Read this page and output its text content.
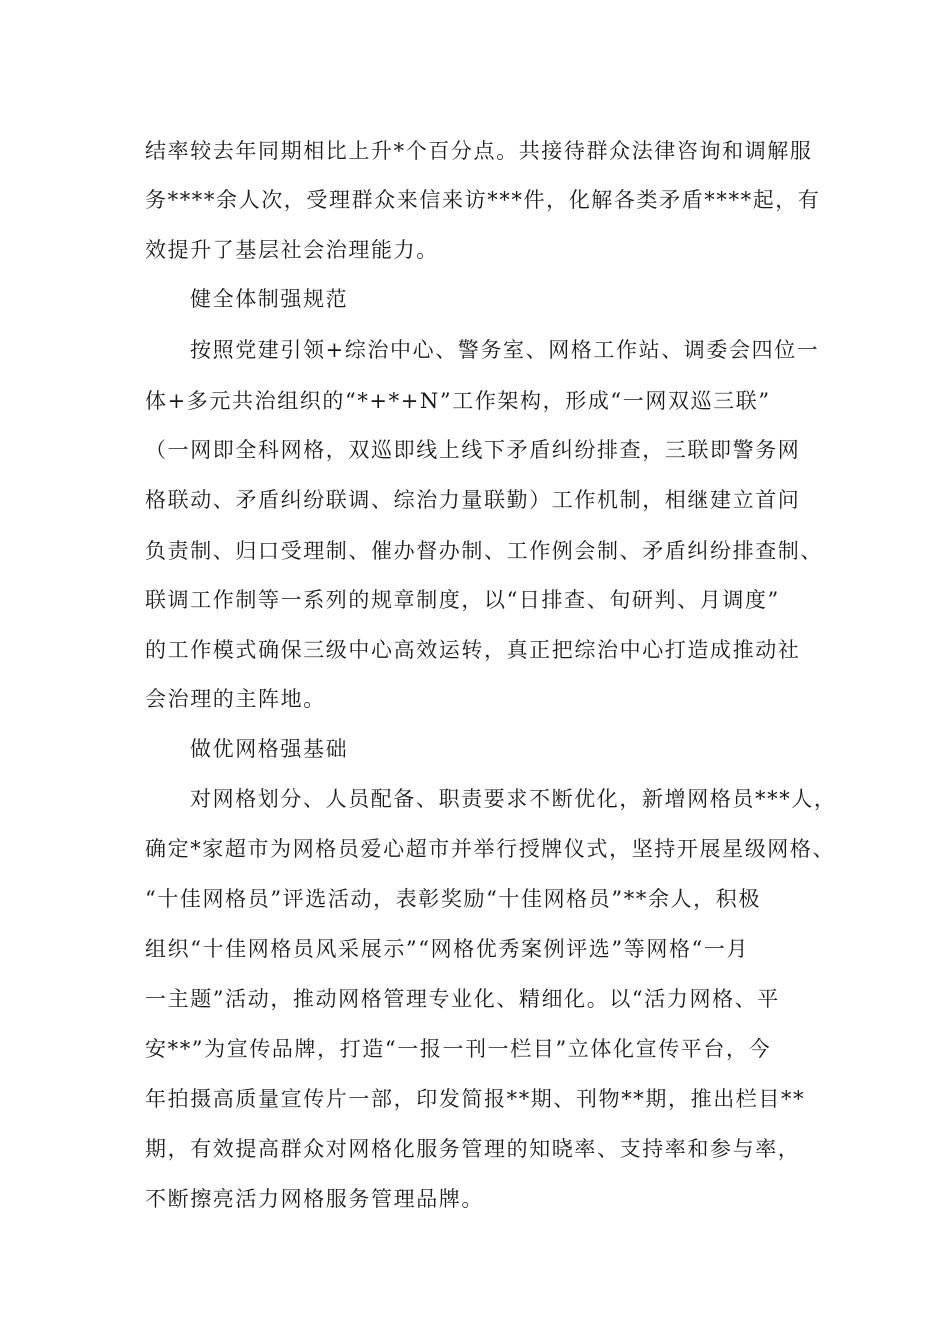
结率较去年同期相比上升*个百分点。共接待群众法律咨询和调解服
务****余人次，受理群众来信来访***件，化解各类矛盾****起，有
效提升了基层社会治理能力。
健全体制强规范
按照党建引领+综治中心、警务室、网格工作站、调委会四位一
体+多元共治组织的“*+*+N”工作架构，形成“一网双巡三联”
（一网即全科网格，双巡即线上线下矛盾纠纷排查，三联即警务网
格联动、矛盾纠纷联调、综治力量联勤）工作机制，相继建立首问
负责制、归口受理制、催办督办制、工作例会制、矛盾纠纷排查制、
联调工作制等一系列的规章制度，以“日排查、旬研判、月调度”
的工作模式确保三级中心高效运转，真正把综治中心打造成推动社
会治理的主阵地。
做优网格强基础
对网格划分、人员配备、职责要求不断优化，新增网格员***人，
确定*家超市为网格员爱心超市并举行授牌仪式，坚持开展星级网格、
“十佳网格员”评选活动，表彰奖励“十佳网格员”**余人，积极
组织“十佳网格员风采展示”“网格优秀案例评选”等网格“一月
一主题”活动，推动网格管理专业化、精细化。以“活力网格、平
安**”为宣传品牌，打造“一报一刊一栏目”立体化宣传平台，今
年拍摄高质量宣传片一部，印发简报**期、刊物**期，推出栏目**
期，有效提高群众对网格化服务管理的知晓率、支持率和参与率，
不断擦亮活力网格服务管理品牌。
